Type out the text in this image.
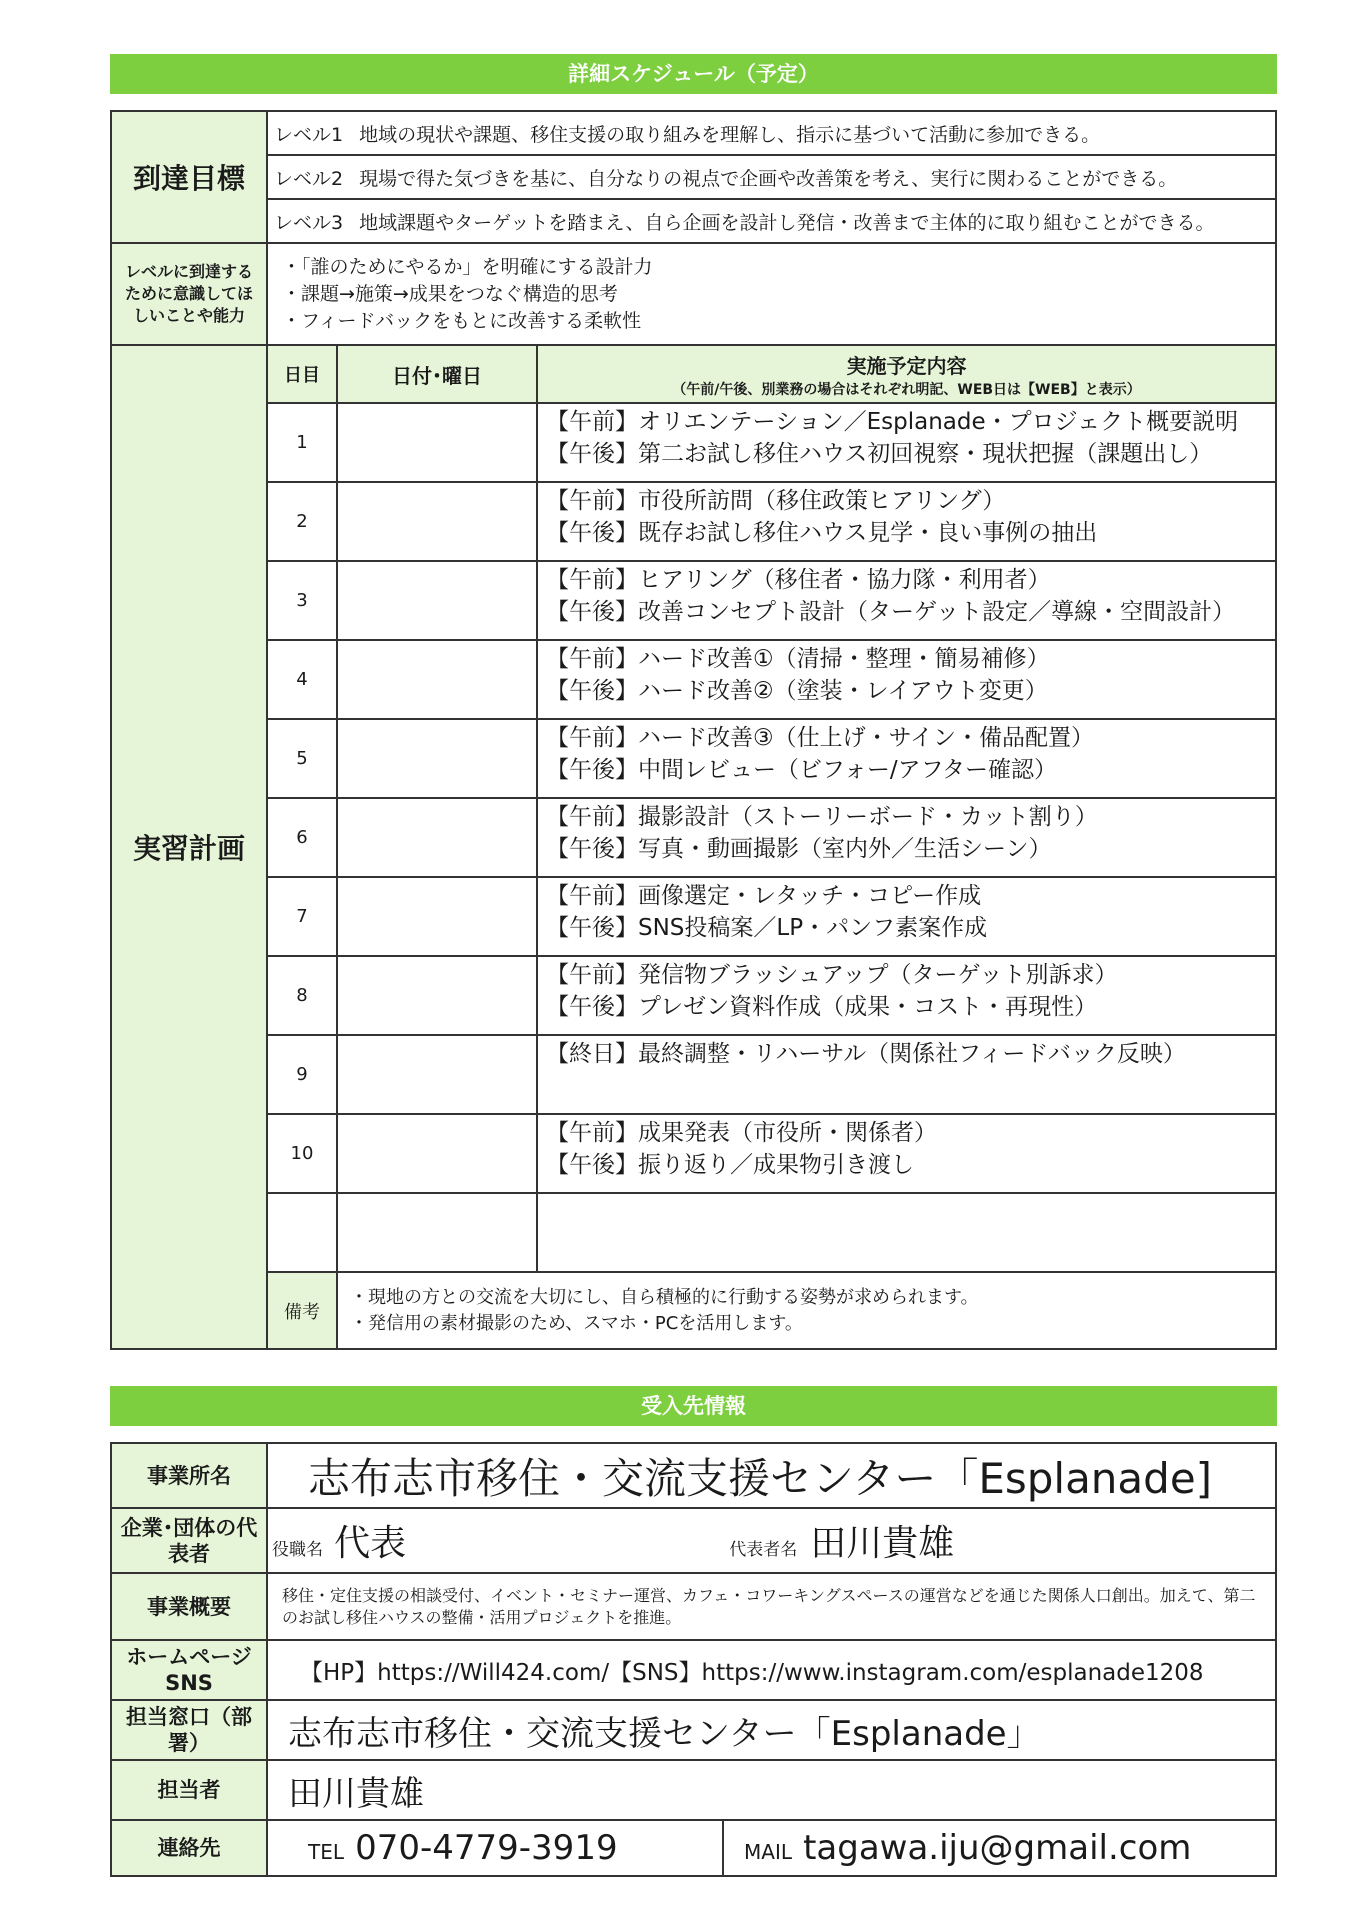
詳細スケジュール（予定）
到達目標	レベル1 地域の現状や課題、移住支援の取り組みを理解し、指示に基づいて活動に参加できる。		
	レベル2 現場で得た気づきを基に、自分なりの視点で企画や改善策を考え、実行に関わることができる。		
	レベル3 地域課題やターゲットを踏まえ、自ら企画を設計し発信・改善まで主体的に取り組むことができる。		
レベルに到達するために意識してほしいことや能力	・「誰のためにやるか」を明確にする設計力
・課題→施策→成果をつなぐ構造的思考
・フィードバックをもとに改善する柔軟性		

実習計画	日目	日付･曜日	実施予定内容
（午前/午後、別業務の場合はそれぞれ明記、WEB日は【WEB】と表示）

	1		【午前】オリエンテーション／Esplanade・プロジェクト概要説明
【午後】第二お試し移住ハウス初回視察・現状把握（課題出し）

	2		【午前】市役所訪問（移住政策ヒアリング）
【午後】既存お試し移住ハウス見学・良い事例の抽出

	3		【午前】ヒアリング（移住者・協力隊・利用者）
【午後】改善コンセプト設計（ターゲット設定／導線・空間設計）

	4		【午前】ハード改善①（清掃・整理・簡易補修）
【午後】ハード改善②（塗装・レイアウト変更）

	5		【午前】ハード改善③（仕上げ・サイン・備品配置）
【午後】中間レビュー（ビフォー/アフター確認）

	6		【午前】撮影設計（ストーリーボード・カット割り）
【午後】写真・動画撮影（室内外／生活シーン）

	7		【午前】画像選定・レタッチ・コピー作成
【午後】SNS投稿案／LP・パンフ素案作成

	8		【午前】発信物ブラッシュアップ（ターゲット別訴求）
【午後】プレゼン資料作成（成果・コスト・再現性）

	9		【終日】最終調整・リハーサル（関係社フィードバック反映）

	10		【午前】成果発表（市役所・関係者）
【午後】振り返り／成果物引き渡し

	備考	・現地の方との交流を大切にし、自ら積極的に行動する姿勢が求められます。
・発信用の素材撮影のため、スマホ・PCを活用します。	
受入先情報
事業所名	志布志市移住・交流支援センター「Esplanade]	
企業･団体の代表者	役職名 代表 代表者名 田川貴雄	
事業概要	移住・定住支援の相談受付、イベント・セミナー運営、カフェ・コワーキングスペースの運営などを通じた関係人口創出。加えて、第二のお試し移住ハウスの整備・活用プロジェクトを推進。	
ホームページSNS	【HP】https://Will424.com/【SNS】https://www.instagram.com/esplanade1208	
担当窓口（部署）	志布志市移住・交流支援センター「Esplanade」	
担当者	田川貴雄	
連絡先	TEL 070-4779-3919	MAIL tagawa.iju@gmail.com
